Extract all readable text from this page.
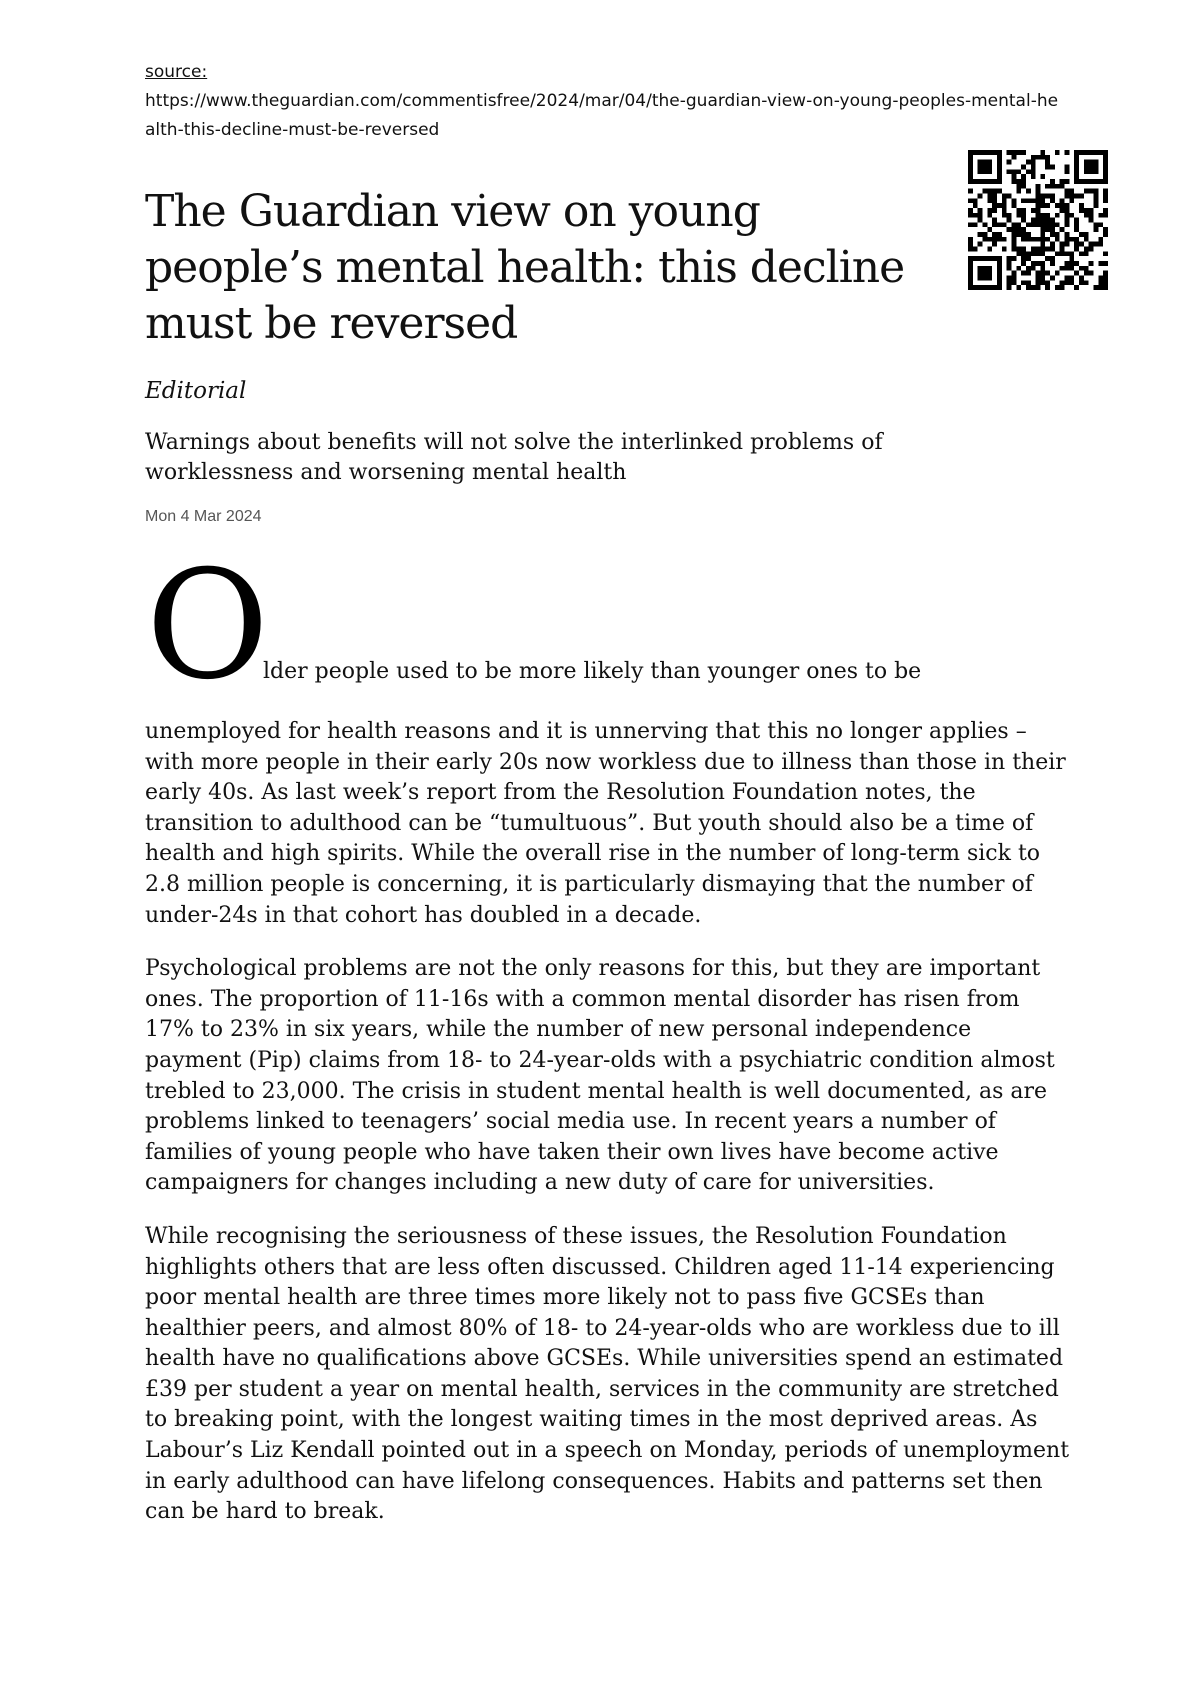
source:
https://www.theguardian.com/commentisfree/2024/mar/04/the-guardian-view-on-young-peoples-mental-health-this-decline-must-be-reversed
The Guardian view on young people’s mental health: this decline must be reversed
Editorial
Warnings about benefits will not solve the interlinked problems of worklessness and worsening mental health
Mon 4 Mar 2024
O
lder people used to be more likely than younger ones to be

unemployed for health reasons and it is unnerving that this no longer applies – with more people in their early 20s now workless due to illness than those in their early 40s. As last week’s report from the Resolution Foundation notes, the transition to adulthood can be “tumultuous”. But youth should also be a time of health and high spirits. While the overall rise in the number of long-term sick to 2.8 million people is concerning, it is particularly dismaying that the number of under-24s in that cohort has doubled in a decade.

Psychological problems are not the only reasons for this, but they are important ones. The proportion of 11-16s with a common mental disorder has risen from 17% to 23% in six years, while the number of new personal independence payment (Pip) claims from 18- to 24-year-olds with a psychiatric condition almost trebled to 23,000. The crisis in student mental health is well documented, as are problems linked to teenagers’ social media use. In recent years a number of families of young people who have taken their own lives have become active campaigners for changes including a new duty of care for universities.

While recognising the seriousness of these issues, the Resolution Foundation highlights others that are less often discussed. Children aged 11-14 experiencing poor mental health are three times more likely not to pass five GCSEs than healthier peers, and almost 80% of 18- to 24-year-olds who are workless due to ill health have no qualifications above GCSEs. While universities spend an estimated £39 per student a year on mental health, services in the community are stretched to breaking point, with the longest waiting times in the most deprived areas. As Labour’s Liz Kendall pointed out in a speech on Monday, periods of unemployment in early adulthood can have lifelong consequences. Habits and patterns set then can be hard to break.
